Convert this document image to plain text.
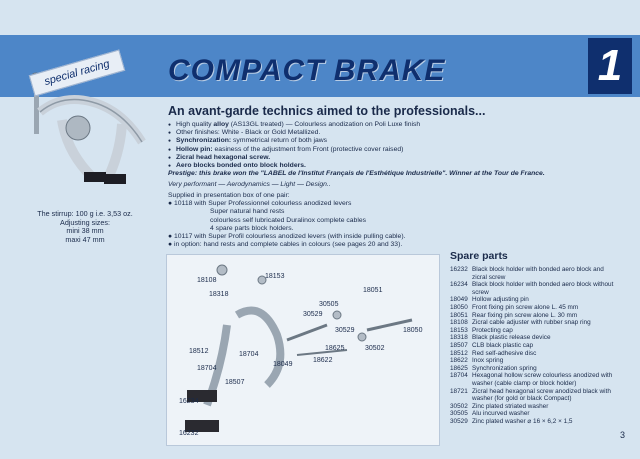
COMPACT BRAKE	1
special racing
The stirrup: 100 g i.e. 3,53 oz.
Adjusting sizes:
mini 38 mm
maxi 47 mm
An avant-garde technics aimed to the professionals...
● High quality alloy (AS13GL treated) — Colourless anodization on Poli Luxe finish
● Other finishes: White - Black or Gold Metallized.
● Synchronization: symmetrical return of both jaws
● Hollow pin: easiness of the adjustment from Front (protective cover raised)
● Zicral head hexagonal screw.
● Aero blocks bonded onto block holders.
Prestige: this brake won the "LABEL de l'Institut Français de l'Esthétique Industrielle". Winner at the Tour de France.
Very performant — Aerodynamics — Light — Design..
Supplied in presentation box of one pair:
● 10118 with Super Professionnel colourless anodized levers
Super natural hand rests
colourless self lubricated Duralinox complete cables
4 spare parts block holders.
● 10117 with Super Profil colourless anodized levers (with inside pulling cable).
● in option: hand rests and complete cables in colours (see pages 20 and 33).
18108
18153
18318
30505
18051
30529
18050
30529
18625	30502
18512	18704
18622
18049
18704
18507
16234
16232
Spare parts
16232 Black block holder with bonded aero block and zicral screw
16234 Black block holder with bonded aero block without screw
18049 Hollow adjusting pin
18050 Front fixing pin screw alone L. 45 mm
18051 Rear fixing pin screw alone L. 30 mm
18108 Zicral cable adjuster with rubber snap ring
18153 Protecting cap
18318 Black plastic release device
18507 CLB black plastic cap
18512 Red self-adhesive disc
18622 Inox spring
18625 Synchronization spring
18704 Hexagonal hollow screw colourless anodized with washer (cable clamp or block holder)
18721 Zicral head hexagonal screw anodized black with washer (for gold or black Compact)
30502 Zinc plated striated washer
30505 Alu incurved washer
30529 Zinc plated washer ⌀ 16 × 6,2 × 1,5
3
